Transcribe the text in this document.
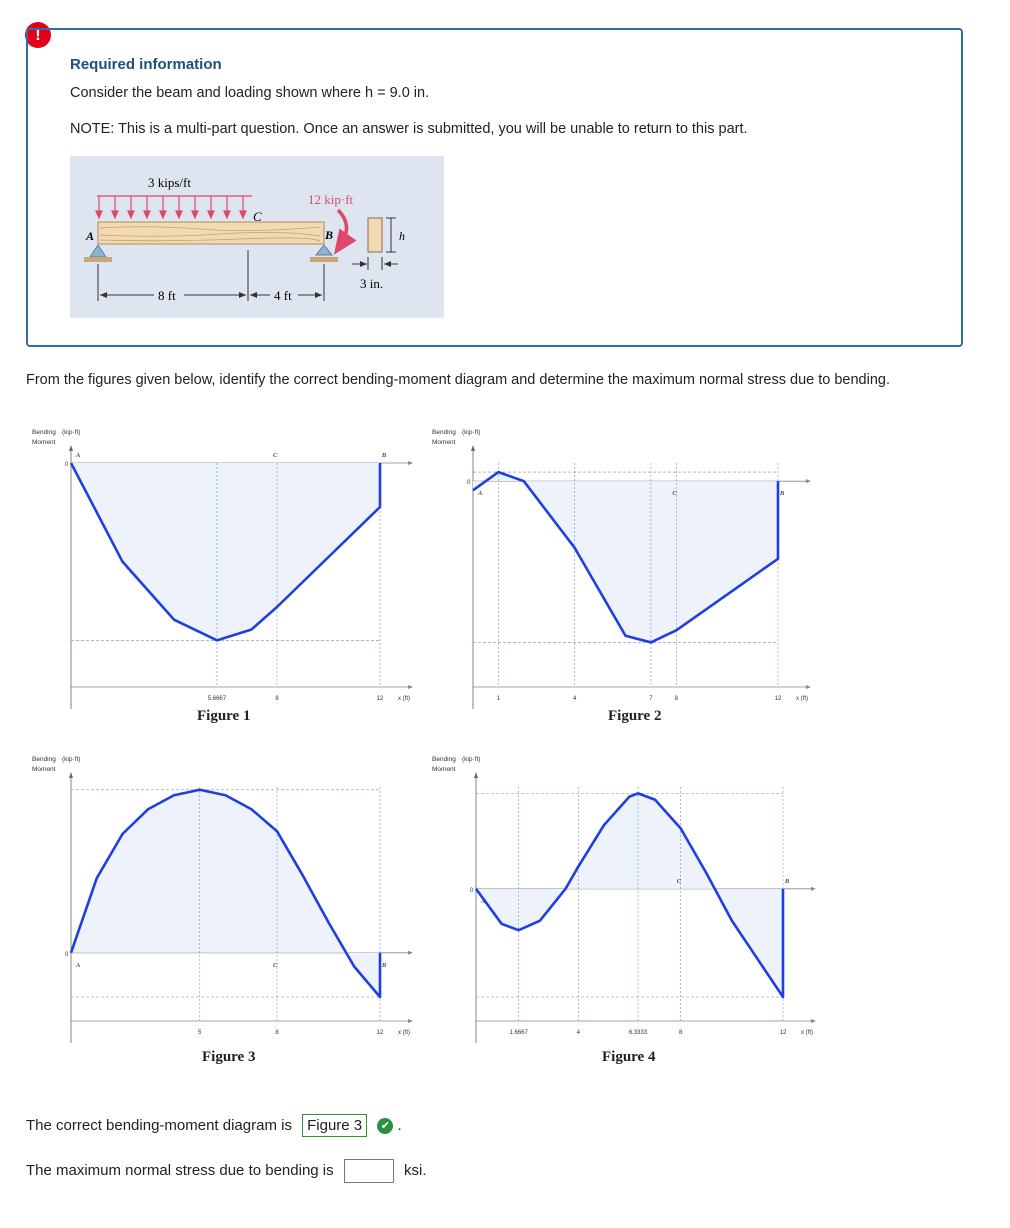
!
Required information
Consider the beam and loading shown where h = 9.0 in.
NOTE: This is a multi-part question. Once an answer is submitted, you will be unable to return to this part.
3 kips/ft
A
C
B
12 kip·ft
h
3 in.
8 ft	4 ft
From the figures given below, identify the correct bending-moment diagram and determine the maximum normal stress due to bending.
Bending (kip·ft)
Moment
x (ft)
0
5.6667	8	12
A	C	B
Bending (kip·ft)
Moment
x (ft)
0
1	4	7	8	12
A	C	B
Bending (kip·ft)
Moment
x (ft)
0
5	8	12
A	C	B
Bending (kip·ft)
Moment
x (ft)
0
1.6667	4	6.3333	8	12
A
C	B
Figure 1	Figure 2
Figure 3	Figure 4
The correct bending-moment diagram is Figure 3 ✔ .
The maximum normal stress due to bending is	ksi.
